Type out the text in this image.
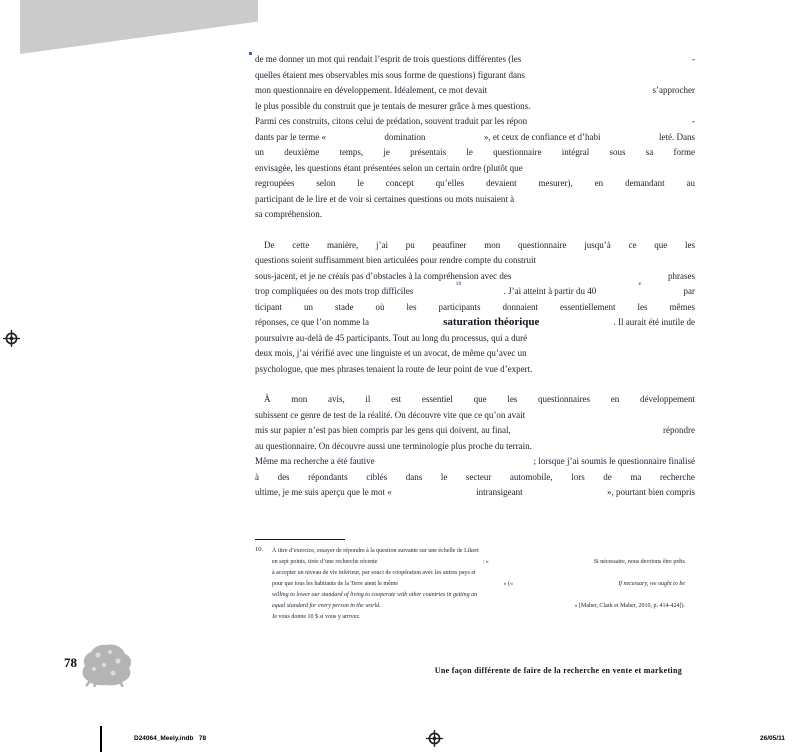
de me donner un mot qui rendait l’esprit de trois questions différentes (les	-
quelles étaient mes observables mis sous forme de questions) figurant dans
mon questionnaire en développement. Idéalement, ce mot devait	s’approcher
le plus possible du construit que je tentais de mesurer grâce à mes questions.
Parmi ces construits, citons celui de prédation, souvent traduit par les répon	-
dants par le terme «	domination	», et ceux de confiance et d’habi	leté. Dans
un deuxième temps, je présentais le questionnaire intégral sous sa forme
envisagée, les questions étant présentées selon un certain ordre (plutôt que
regroupées selon le concept qu’elles devaient mesurer), en demandant au
participant de le lire et de voir si certaines questions ou mots nuisaient à
sa compréhension.
De cette manière, j’ai pu peaufiner mon questionnaire jusqu’à ce que les
questions soient suffisamment bien articulées pour rendre compte du construit
sous-jacent, et je ne créais pas d’obstacles à la compréhension avec des	phrases
trop compliquées ou des mots trop difficiles
10
. J’ai atteint à partir du 40
e
par
ticipant un stade où les participants donnaient essentiellement les mêmes
réponses, ce que l’on nomme la	saturation théorique	. Il aurait été inutile de
poursuivre au-delà de 45 participants. Tout au long du processus, qui a duré
deux mois, j’ai vérifié avec une linguiste et un avocat, de même qu’avec un
psychologue, que mes phrases tenaient la route de leur point de vue d’expert.
À mon avis, il est essentiel que les questionnaires en développement
subissent ce genre de test de la réalité. On découvre vite que ce qu’on avait
mis sur papier n’est pas bien compris par les gens qui doivent, au final,	répondre
au questionnaire. On découvre aussi une terminologie plus proche du terrain.
Même ma recherche a été fautive	; lorsque j’ai soumis le questionnaire finalisé
à des répondants ciblés dans le secteur automobile, lors de ma recherche
ultime, je me suis aperçu que le mot «	intransigeant	», pourtant bien compris
10. À titre d’exercice, essayer de répondre à la question suivante sur une échelle de Likert
en sept points, tirée d’une recherche récente	: «	Si nécessaire, nous devrions être prêts
à accepter un niveau de vie inférieur, par souci de coopération avec les autres pays et
pour que tous les habitants de la Terre aient le même	» («	If necessary, we ought to be
willing to lower our standard of living to cooperate with other countries in getting an
equal standard for every person in the world.	» [Maher, Clark et Maher, 2010, p. 414-424]).
Je vous donne 10 $ si vous y arrivez.
78
Une façon différente de faire de la recherche en vente et marketing
D24064_Meely.indb   78	26/05/11
